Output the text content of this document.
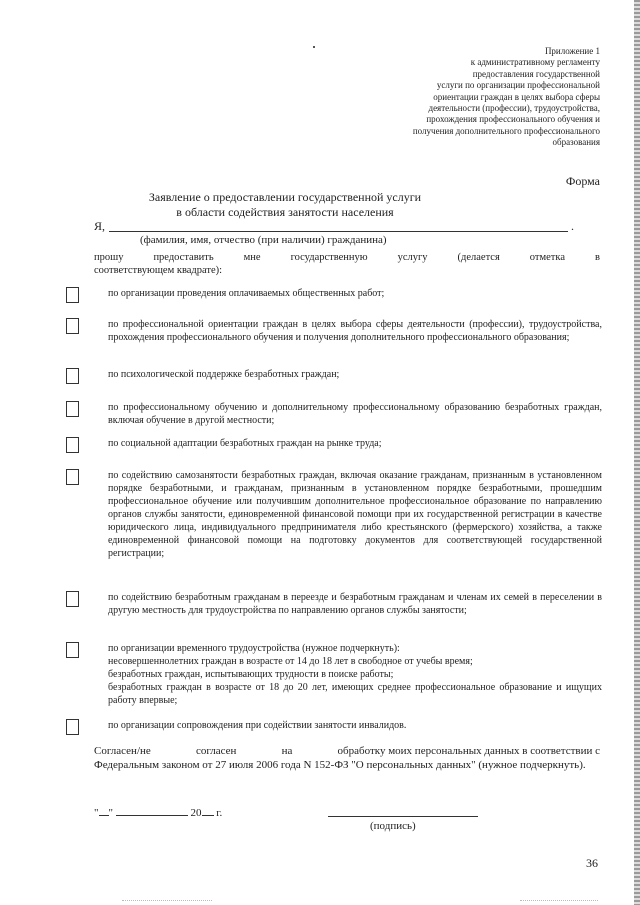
Приложение 1
к административному регламенту
предоставления государственной
услуги по организации профессиональной
ориентации граждан в целях выбора сферы
деятельности (профессии), трудоустройства,
прохождения профессионального обучения и
получения дополнительного профессионального
образования
Форма
Заявление о предоставлении государственной услуги
в области содействия занятости населения
Я,	.
(фамилия, имя, отчество (при наличии) гражданина)
прошу	предоставить	мне	государственную	услугу	(делается	отметка	в
соответствующем квадрате):
по организации проведения оплачиваемых общественных работ;
по профессиональной ориентации граждан в целях выбора сферы деятельности (профессии), трудоустройства, прохождения профессионального обучения и получения дополнительного профессионального образования;
по психологической поддержке безработных граждан;
по профессиональному обучению и дополнительному профессиональному образованию безработных граждан, включая обучение в другой местности;
по социальной адаптации безработных граждан на рынке труда;
по содействию самозанятости безработных граждан, включая оказание гражданам, признанным в установленном порядке безработными, и гражданам, признанным в установленном порядке безработными, прошедшим профессиональное обучение или получившим дополнительное профессиональное образование по направлению органов службы занятости, единовременной финансовой помощи при их государственной регистрации в качестве юридического лица, индивидуального предпринимателя либо крестьянского (фермерского) хозяйства, а также единовременной финансовой помощи на подготовку документов для соответствующей государственной регистрации;
по содействию безработным гражданам в переезде и безработным гражданам и членам их семей в переселении в другую местность для трудоустройства по направлению органов службы занятости;
по организации временного трудоустройства (нужное подчеркнуть):
несовершеннолетних граждан в возрасте от 14 до 18 лет в свободное от учебы время;
безработных граждан, испытывающих трудности в поиске работы;
безработных граждан в возрасте от 18 до 20 лет, имеющих среднее профессиональное образование и ищущих работу впервые;
по организации сопровождения при содействии занятости инвалидов.
Согласен/не	согласен	на	обработку моих персональных данных в соответствии с
Федеральным законом от 27 июля 2006 года N 152-ФЗ "О персональных данных" (нужное подчеркнуть).
" "	20 г.
(подпись)
36
